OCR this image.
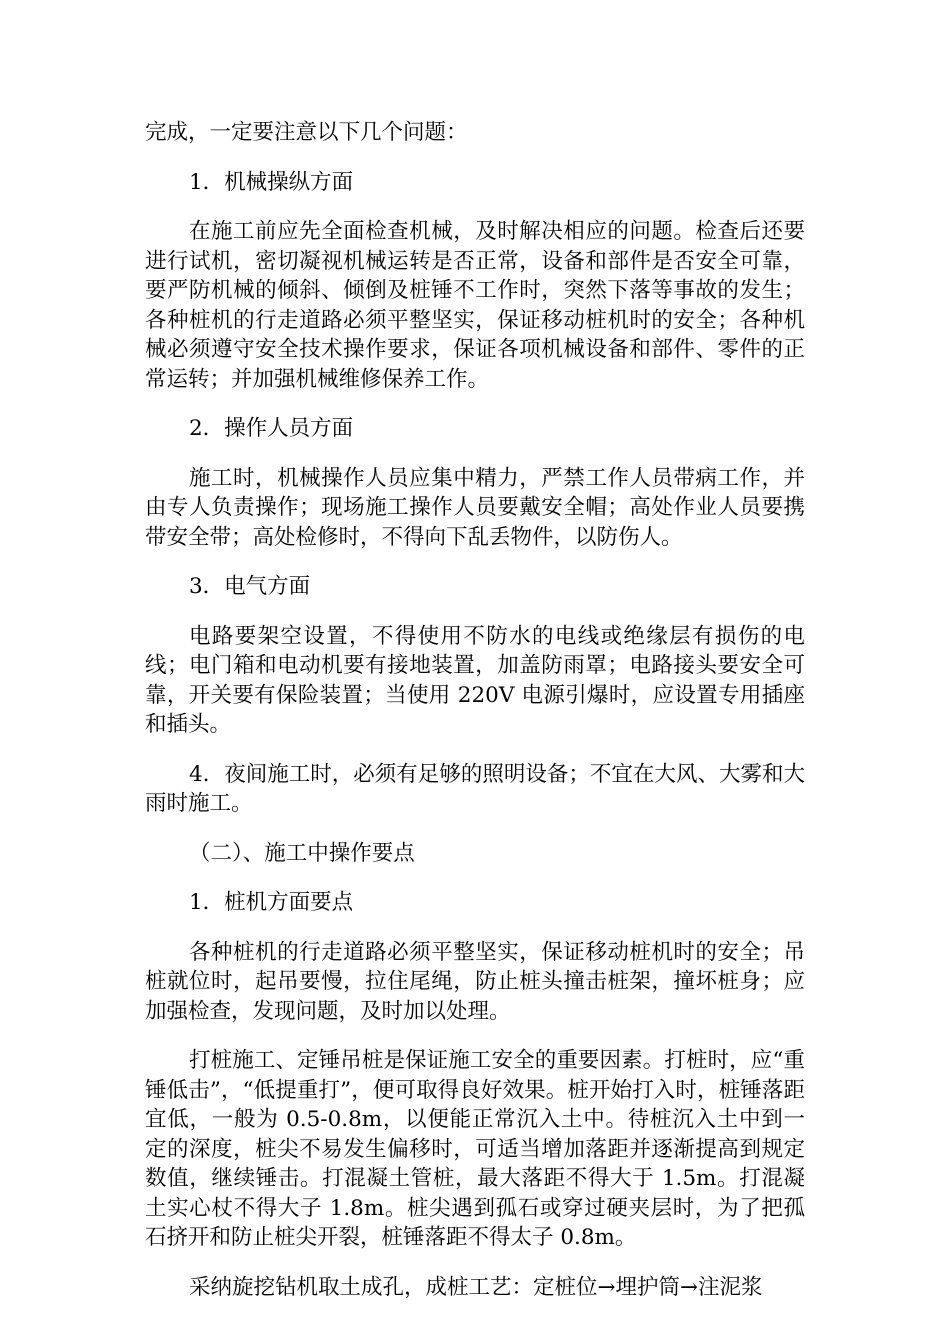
完成，一定要注意以下几个问题：

1．机械操纵方面

在施工前应先全面检查机械，及时解决相应的问题。检查后还要进行试机，密切凝视机械运转是否正常，设备和部件是否安全可靠，要严防机械的倾斜、倾倒及桩锤不工作时，突然下落等事故的发生；各种桩机的行走道路必须平整坚实，保证移动桩机时的安全；各种机械必须遵守安全技术操作要求，保证各项机械设备和部件、零件的正常运转；并加强机械维修保养工作。

2．操作人员方面

施工时，机械操作人员应集中精力，严禁工作人员带病工作，并由专人负责操作；现场施工操作人员要戴安全帽；高处作业人员要携带安全带；高处检修时，不得向下乱丢物件，以防伤人。

3．电气方面

电路要架空设置，不得使用不防水的电线或绝缘层有损伤的电线；电门箱和电动机要有接地装置，加盖防雨罩；电路接头要安全可靠，开关要有保险装置；当使用 220V 电源引爆时，应设置专用插座和插头。

4．夜间施工时，必须有足够的照明设备；不宜在大风、大雾和大雨时施工。

（二）、施工中操作要点

1．桩机方面要点

各种桩机的行走道路必须平整坚实，保证移动桩机时的安全；吊桩就位时，起吊要慢，拉住尾绳，防止桩头撞击桩架，撞坏桩身；应加强检查，发现问题，及时加以处理。

打桩施工、定锤吊桩是保证施工安全的重要因素。打桩时，应“重锤低击”，“低提重打”，便可取得良好效果。桩开始打入时，桩锤落距宜低，一般为 0.5-0.8m，以便能正常沉入土中。待桩沉入土中到一定的深度，桩尖不易发生偏移时，可适当增加落距并逐渐提高到规定数值，继续锤击。打混凝土管桩，最大落距不得大于 1.5m。打混凝土实心杖不得大子 1.8m。桩尖遇到孤石或穿过硬夹层时，为了把孤石挤开和防止桩尖开裂，桩锤落距不得太子 0.8m。

采纳旋挖钻机取土成孔，成桩工艺：定桩位→埋护筒→注泥浆
